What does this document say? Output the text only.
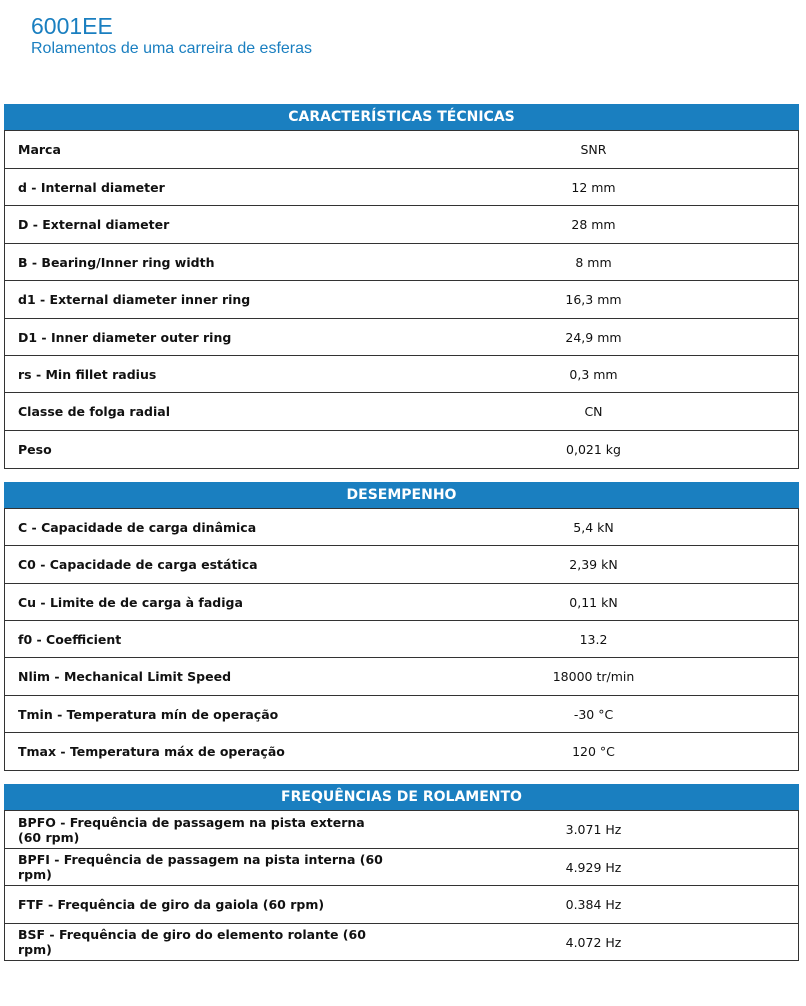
6001EE
Rolamentos de uma carreira de esferas
CARACTERÍSTICAS TÉCNICAS
Marca	SNR
d - Internal diameter	12 mm
D - External diameter	28 mm
B - Bearing/Inner ring width	8 mm
d1 - External diameter inner ring	16,3 mm
D1 - Inner diameter outer ring	24,9 mm
rs - Min fillet radius	0,3 mm
Classe de folga radial	CN
Peso	0,021 kg
DESEMPENHO
C - Capacidade de carga dinâmica	5,4 kN
C0 - Capacidade de carga estática	2,39 kN
Cu - Limite de de carga à fadiga	0,11 kN
f0 - Coefficient	13.2
Nlim - Mechanical Limit Speed	18000 tr/min
Tmin - Temperatura mín de operação	-30 °C
Tmax - Temperatura máx de operação	120 °C
FREQUÊNCIAS DE ROLAMENTO
BPFO - Frequência de passagem na pista externa (60 rpm)	3.071 Hz
BPFI - Frequência de passagem na pista interna (60 rpm)	4.929 Hz
FTF - Frequência de giro da gaiola (60 rpm)	0.384 Hz
BSF - Frequência de giro do elemento rolante (60 rpm)	4.072 Hz
